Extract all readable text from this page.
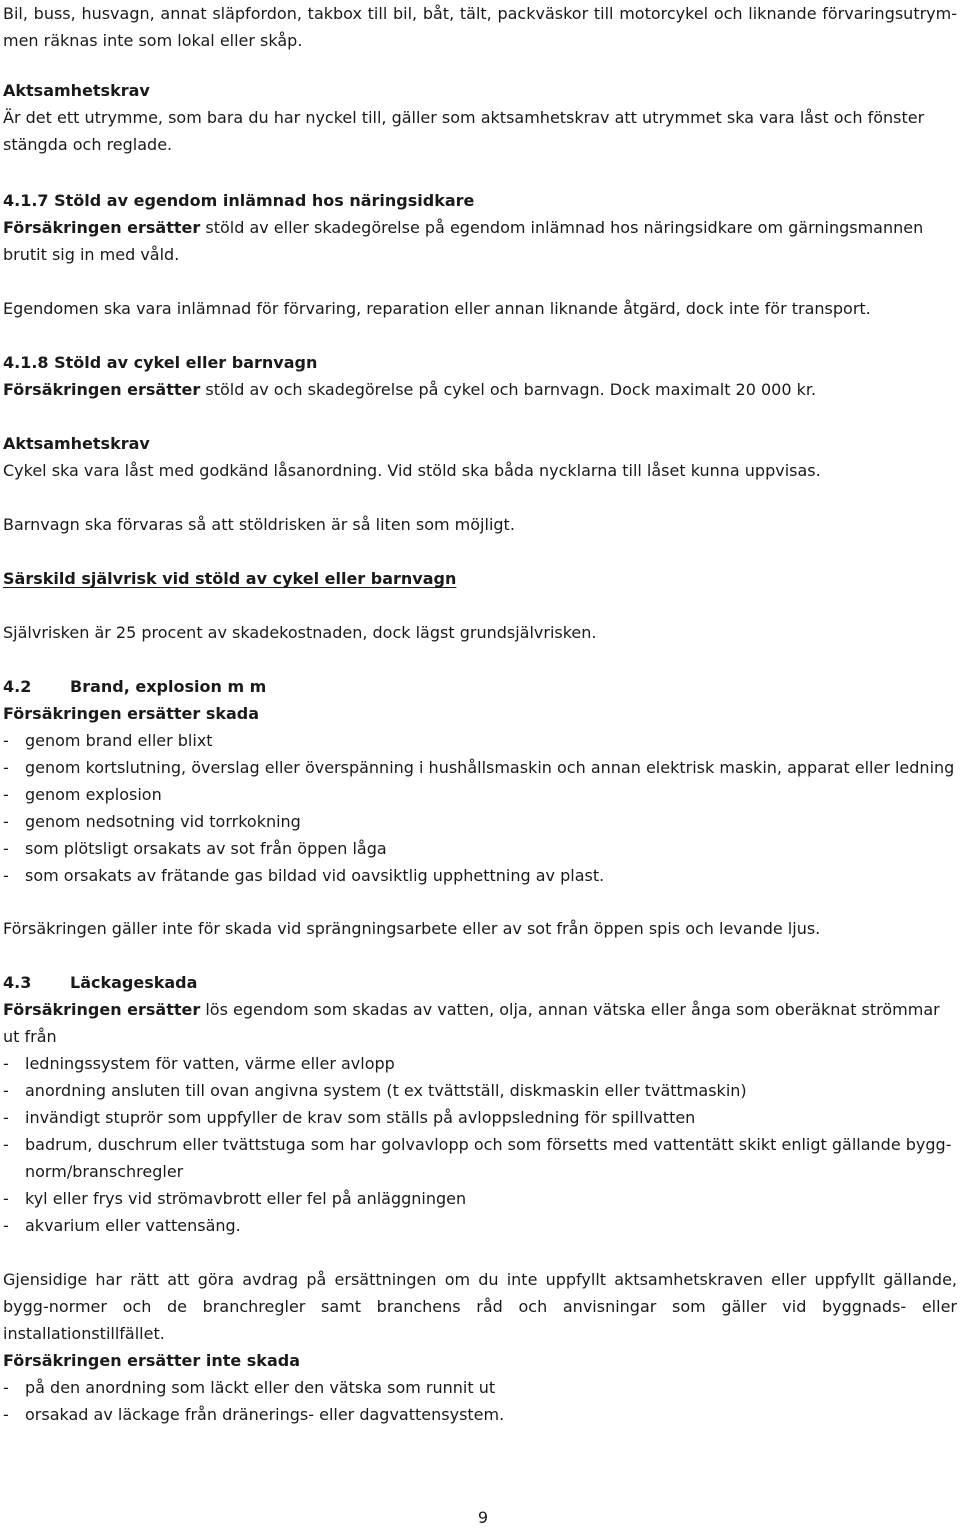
Bil, buss, husvagn, annat släpfordon, takbox till bil, båt, tält, packväskor till motorcykel och liknande förvaringsutrym-men räknas inte som lokal eller skåp.

Aktsamhetskrav

Är det ett utrymme, som bara du har nyckel till, gäller som aktsamhetskrav att utrymmet ska vara låst och fönster stängda och reglade.

4.1.7 Stöld av egendom inlämnad hos näringsidkare

Försäkringen ersätter stöld av eller skadegörelse på egendom inlämnad hos näringsidkare om gärningsmannen brutit sig in med våld.

Egendomen ska vara inlämnad för förvaring, reparation eller annan liknande åtgärd, dock inte för transport.

4.1.8 Stöld av cykel eller barnvagn

Försäkringen ersätter stöld av och skadegörelse på cykel och barnvagn. Dock maximalt 20 000 kr.

Aktsamhetskrav

Cykel ska vara låst med godkänd låsanordning. Vid stöld ska båda nycklarna till låset kunna uppvisas.

Barnvagn ska förvaras så att stöldrisken är så liten som möjligt.

Särskild självrisk vid stöld av cykel eller barnvagn

Självrisken är 25 procent av skadekostnaden, dock lägst grundsjälvrisken.

4.2 Brand, explosion m m
Försäkringen ersätter skada
- genom brand eller blixt
- genom kortslutning, överslag eller överspänning i hushållsmaskin och annan elektrisk maskin, apparat eller ledning
- genom explosion
- genom nedsotning vid torrkokning
- som plötsligt orsakats av sot från öppen låga
- som orsakats av frätande gas bildad vid oavsiktlig upphettning av plast.

Försäkringen gäller inte för skada vid sprängningsarbete eller av sot från öppen spis och levande ljus.

4.3 Läckageskada

Försäkringen ersätter lös egendom som skadas av vatten, olja, annan vätska eller ånga som oberäknat strömmar ut från

- ledningssystem för vatten, värme eller avlopp
- anordning ansluten till ovan angivna system (t ex tvättställ, diskmaskin eller tvättmaskin)
- invändigt stuprör som uppfyller de krav som ställs på avloppsledning för spillvatten
- badrum, duschrum eller tvättstuga som har golvavlopp och som försetts med vattentätt skikt enligt gällande bygg-norm/branschregler
- kyl eller frys vid strömavbrott eller fel på anläggningen
- akvarium eller vattensäng.

Gjensidige har rätt att göra avdrag på ersättningen om du inte uppfyllt aktsamhetskraven eller uppfyllt gällande, bygg-normer och de branchregler samt branchens råd och anvisningar som gäller vid byggnads- eller installationstillfället.

Försäkringen ersätter inte skada
- på den anordning som läckt eller den vätska som runnit ut
- orsakad av läckage från dränerings- eller dagvattensystem.
9
